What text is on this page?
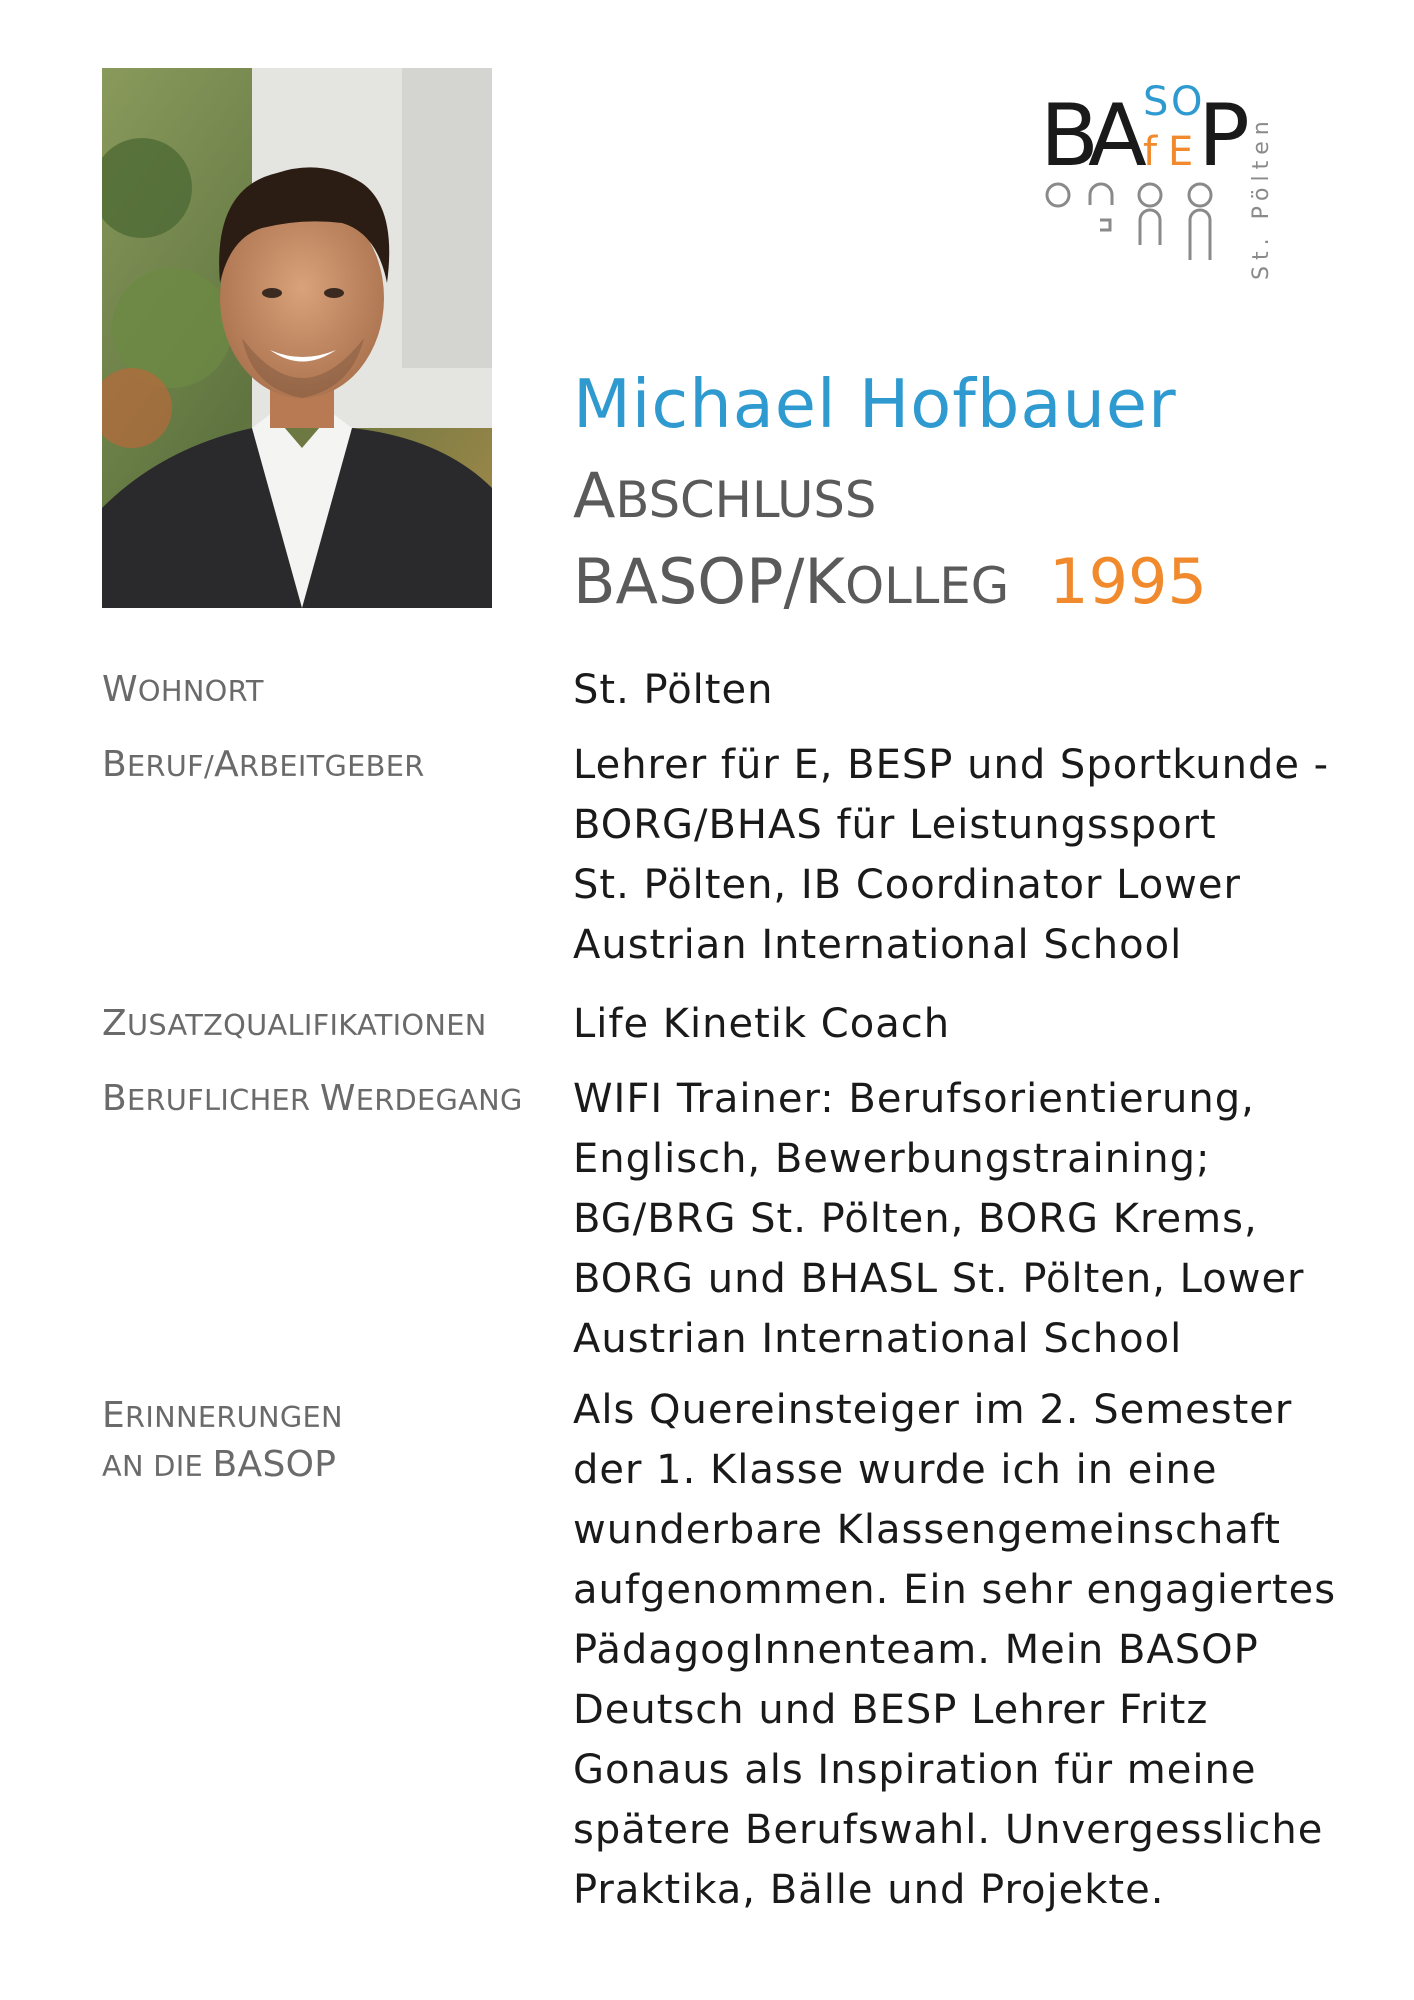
B
A
S O
f E P St. Pölten
Michael Hofbauer
ABSCHLUSS
BASOP/KOLLEG 1995
WOHNORT	St. Pölten
BERUF/ARBEITGEBER	Lehrer für E, BESP und Sportkunde -
BORG/BHAS für Leistungssport
St. Pölten, IB Coordinator Lower
Austrian International School
ZUSATZQUALIFIKATIONEN	Life Kinetik Coach
BERUFLICHER WERDEGANG	WIFI Trainer: Berufsorientierung,
Englisch, Bewerbungstraining;
BG/BRG St. Pölten, BORG Krems,
BORG und BHASL St. Pölten, Lower
Austrian International School
ERINNERUNGEN
AN DIE BASOP
Als Quereinsteiger im 2. Semester
der 1. Klasse wurde ich in eine
wunderbare Klassengemeinschaft
aufgenommen. Ein sehr engagiertes
PädagogInnenteam. Mein BASOP
Deutsch und BESP Lehrer Fritz
Gonaus als Inspiration für meine
spätere Berufswahl. Unvergessliche
Praktika, Bälle und Projekte.
